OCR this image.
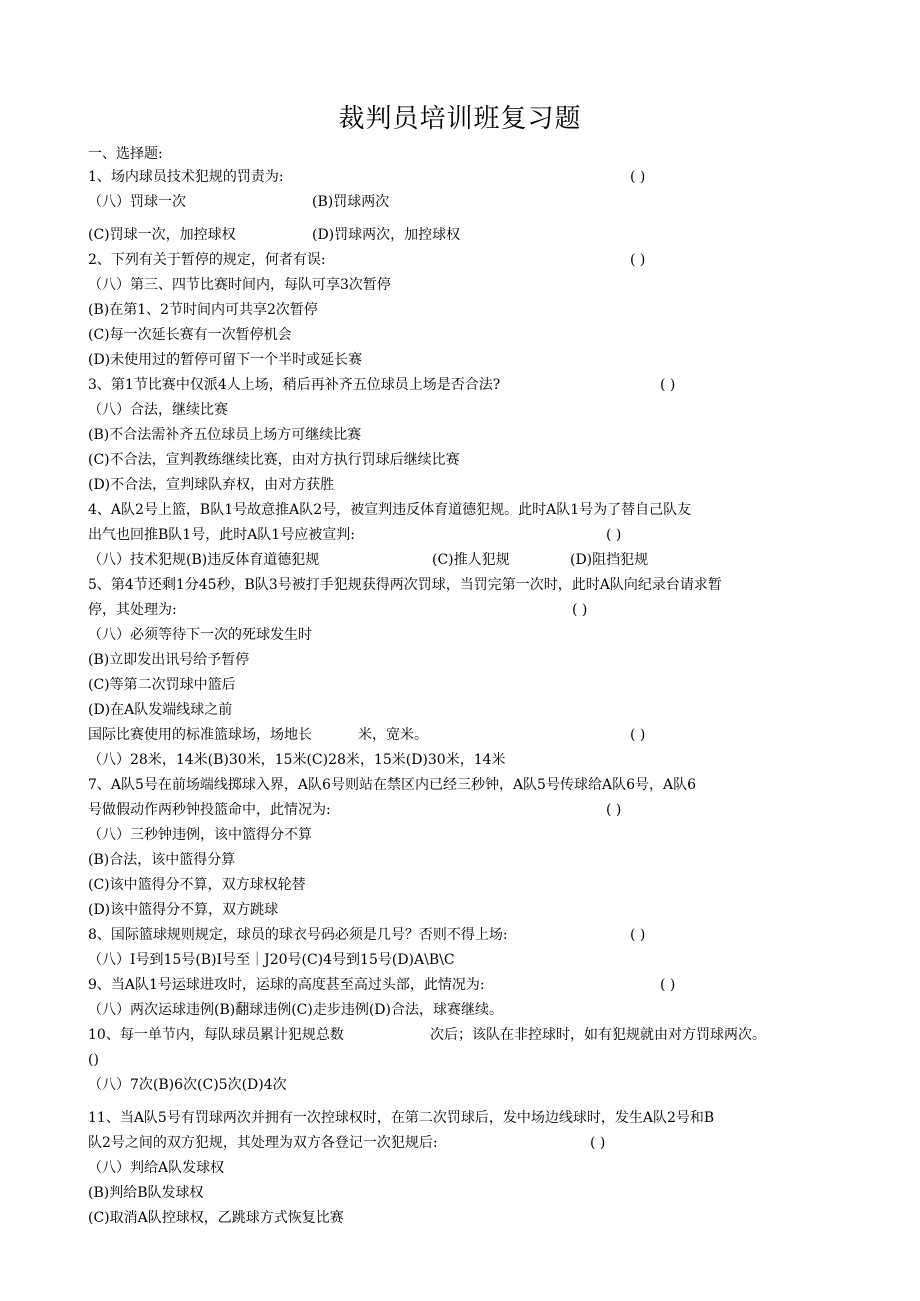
裁判员培训班复习题
一、选择题:
1、场内球员技术犯规的罚责为:	( )
（八）罚球一次	(B)罚球两次
(C)罚球一次，加控球权	(D)罚球两次，加控球权
2、下列有关于暂停的规定，何者有误:	( )
（八）第三、四节比赛时间内，每队可享3次暂停
(B)在第1、2节时间内可共享2次暂停
(C)每一次延长赛有一次暂停机会
(D)未使用过的暂停可留下一个半时或延长赛
3、第1节比赛中仅派4人上场，稍后再补齐五位球员上场是否合法?	( )
（八）合法，继续比赛
(B)不合法需补齐五位球员上场方可继续比赛
(C)不合法，宣判教练继续比赛，由对方执行罚球后继续比赛
(D)不合法，宣判球队弃权，由对方获胜
4、A队2号上篮，B队1号故意推A队2号，被宣判违反体育道德犯规。此时A队1号为了替自己队友
出气也回推B队1号，此时A队1号应被宣判:	( )
（八）技术犯规(B)违反体育道德犯规	(C)推人犯规	(D)阻挡犯规
5、第4节还剩1分45秒，B队3号被打手犯规获得两次罚球，当罚完第一次时，此时A队向纪录台请求暂
停，其处理为:	( )
（八）必须等待下一次的死球发生时
(B)立即发出讯号给予暂停
(C)等第二次罚球中篮后
(D)在A队发端线球之前
国际比赛使用的标准篮球场，场地长	米，宽米。	( )
（八）28米，14米(B)30米，15米(C)28米，15米(D)30米，14米
7、A队5号在前场端线掷球入界，A队6号则站在禁区内已经三秒钟，A队5号传球给A队6号，A队6
号做假动作两秒钟投篮命中，此情况为:	( )
（八）三秒钟违例，该中篮得分不算
(B)合法，该中篮得分算
(C)该中篮得分不算，双方球权轮替
(D)该中篮得分不算，双方跳球
8、国际篮球规则规定，球员的球衣号码必须是几号？否则不得上场:	( )
（八）I号到15号(B)I号至｜J20号(C)4号到15号(D)A\B\C
9、当A队1号运球进攻时，运球的高度甚至高过头部，此情况为:	( )
（八）两次运球违例(B)翻球违例(C)走步违例(D)合法，球赛继续。
10、每一单节内，每队球员累计犯规总数	次后；该队在非控球时，如有犯规就由对方罚球两次。
()
（八）7次(B)6次(C)5次(D)4次
11、当A队5号有罚球两次并拥有一次控球权时，在第二次罚球后，发中场边线球时，发生A队2号和B
队2号之间的双方犯规，其处理为双方各登记一次犯规后:	( )
（八）判给A队发球权
(B)判给B队发球权
(C)取消A队控球权，乙跳球方式恢复比赛
